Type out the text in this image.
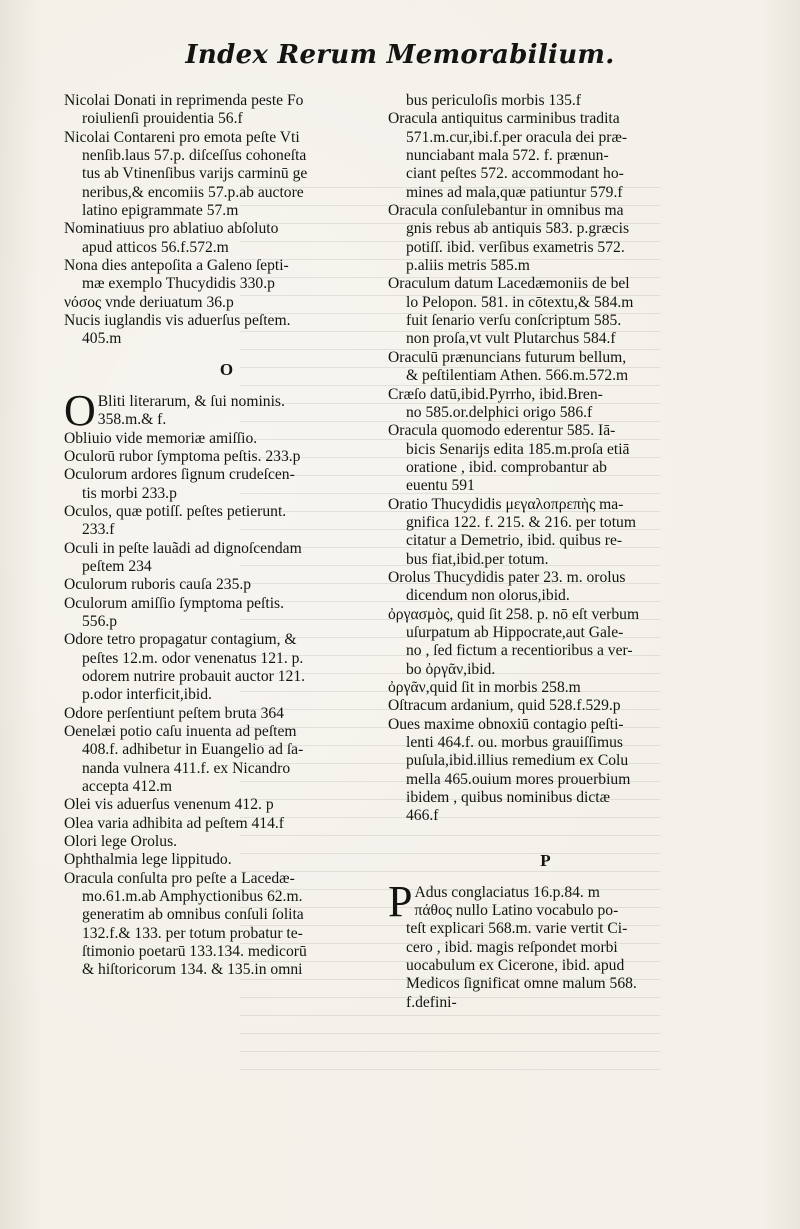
Index Rerum Memorabilium.
Nicolai Donati in reprimenda peste Fo
roiulienſi prouidentia 56.f
Nicolai Contareni pro emota peſte Vti
nenſib.laus 57.p. diſceſſus cohoneſta
tus ab Vtinenſibus varijs carminū ge
neribus,& encomiis 57.p.ab auctore
latino epigrammate 57.m
Nominatiuus pro ablatiuo abſoluto
apud atticos 56.f.572.m
Nona dies antepoſita a Galeno ſepti-
mæ exemplo Thucydidis 330.p
νόσος vnde deriuatum 36.p
Nucis iuglandis vis aduerſus peſtem.
405.m
O
O Bliti literarum, & ſui nominis.
358.m.& f.
Obliuio vide memoriæ amiſſio.
Oculorū rubor ſymptoma peſtis. 233.p
Oculorum ardores ſignum crudeſcen-
tis morbi 233.p
Oculos, quæ potiſſ. peſtes petierunt.
233.f
Oculi in peſte lauãdi ad dignoſcendam
peſtem 234
Oculorum ruboris cauſa 235.p
Oculorum amiſſio ſymptoma peſtis.
556.p
Odore tetro propagatur contagium, &
peſtes 12.m. odor venenatus 121. p.
odorem nutrire probauit auctor 121.
p.odor interficit,ibid.
Odore perſentiunt peſtem bruta 364
Oenelæi potio caſu inuenta ad peſtem
408.f. adhibetur in Euangelio ad ſa-
nanda vulnera 411.f. ex Nicandro
accepta 412.m
Olei vis aduerſus venenum 412. p
Olea varia adhibita ad peſtem 414.f
Olori lege Orolus.
Ophthalmia lege lippitudo.
Oracula conſulta pro peſte a Lacedæ-
mo.61.m.ab Amphyctionibus 62.m.
generatim ab omnibus conſuli ſolita
132.f.& 133. per totum probatur te-
ſtimonio poetarū 133.134. medicorū
& hiſtoricorum 134. & 135.in omni
bus periculoſis morbis 135.f
Oracula antiquitus carminibus tradita
571.m.cur,ibi.f.per oracula dei præ-
nunciabant mala 572. f. prænun-
ciant peſtes 572. accommodant ho-
mines ad mala,quæ patiuntur 579.f
Oracula conſulebantur in omnibus ma
gnis rebus ab antiquis 583. p.græcis
potiſſ. ibid. verſibus exametris 572.
p.aliis metris 585.m
Oraculum datum Lacedæmoniis de bel
lo Pelopon. 581. in cōtextu,& 584.m
fuit ſenario verſu conſcriptum 585.
non proſa,vt vult Plutarchus 584.f
Oraculū prænuncians futurum bellum,
& peſtilentiam Athen. 566.m.572.m
Cræſo datū,ibid.Pyrrho, ibid.Bren-
no 585.or.delphici origo 586.f
Oracula quomodo ederentur 585. Iā-
bicis Senarijs edita 185.m.proſa etiā
oratione , ibid. comprobantur ab
euentu 591
Oratio Thucydidis μεγαλοπρεπὴς ma-
gnifica 122. f. 215. & 216. per totum
citatur a Demetrio, ibid. quibus re-
bus fiat,ibid.per totum.
Orolus Thucydidis pater 23. m. orolus
dicendum non olorus,ibid.
ὀργασμὸς, quid ſit 258. p. nō eſt verbum
uſurpatum ab Hippocrate,aut Gale-
no , ſed fictum a recentioribus a ver-
bo ὀργᾶν,ibid.
ὀργᾶν,quid ſit in morbis 258.m
Oſtracum ardanium, quid 528.f.529.p
Oues maxime obnoxiū contagio peſti-
lenti 464.f. ou. morbus grauiſſimus
puſula,ibid.illius remedium ex Colu
mella 465.ouium mores prouerbium
ibidem , quibus nominibus dictæ
466.f
P
P Adus conglaciatus 16.p.84. m
πάθος nullo Latino vocabulo po-
teſt explicari 568.m. varie vertit Ci-
cero , ibid. magis reſpondet morbi
uocabulum ex Cicerone, ibid. apud
Medicos ſignificat omne malum 568.
f.defini-
